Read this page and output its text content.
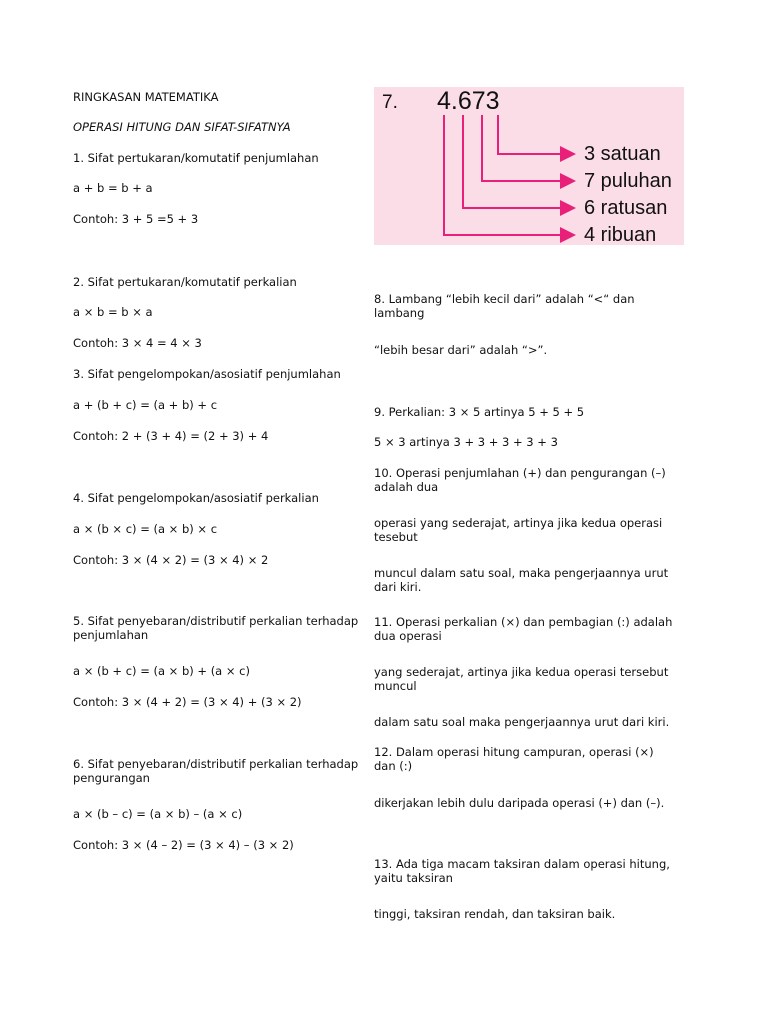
RINGKASAN MATEMATIKA
OPERASI HITUNG DAN SIFAT-SIFATNYA
1. Sifat pertukaran/komutatif penjumlahan
a + b = b + a
Contoh: 3 + 5 =5 + 3
2. Sifat pertukaran/komutatif perkalian
a × b = b × a
Contoh: 3 × 4 = 4 × 3
3. Sifat pengelompokan/asosiatif penjumlahan
a + (b + c) = (a + b) + c
Contoh: 2 + (3 + 4) = (2 + 3) + 4
4. Sifat pengelompokan/asosiatif perkalian
a × (b × c) = (a × b) × c
Contoh: 3 × (4 × 2) = (3 × 4) × 2
5. Sifat penyebaran/distributif perkalian terhadap penjumlahan
a × (b + c) = (a × b) + (a × c)
Contoh: 3 × (4 + 2) = (3 × 4) + (3 × 2)
6. Sifat penyebaran/distributif perkalian terhadap pengurangan
a × (b – c) = (a × b) – (a × c)
Contoh: 3 × (4 – 2) = (3 × 4) – (3 × 2)
7. 4.673
3 satuan
7 puluhan
6 ratusan
4 ribuan
8. Lambang “lebih kecil dari” adalah “<“ dan lambang
“lebih besar dari” adalah “>”.
9. Perkalian: 3 × 5 artinya 5 + 5 + 5
5 × 3 artinya 3 + 3 + 3 + 3 + 3
10. Operasi penjumlahan (+) dan pengurangan (–) adalah dua
operasi yang sederajat, artinya jika kedua operasi tesebut
muncul dalam satu soal, maka pengerjaannya urut dari kiri.
11. Operasi perkalian (×) dan pembagian (:) adalah dua operasi
yang sederajat, artinya jika kedua operasi tersebut muncul
dalam satu soal maka pengerjaannya urut dari kiri.
12. Dalam operasi hitung campuran, operasi (×) dan (:)
dikerjakan lebih dulu daripada operasi (+) dan (–).
13. Ada tiga macam taksiran dalam operasi hitung, yaitu taksiran
tinggi, taksiran rendah, dan taksiran baik.
